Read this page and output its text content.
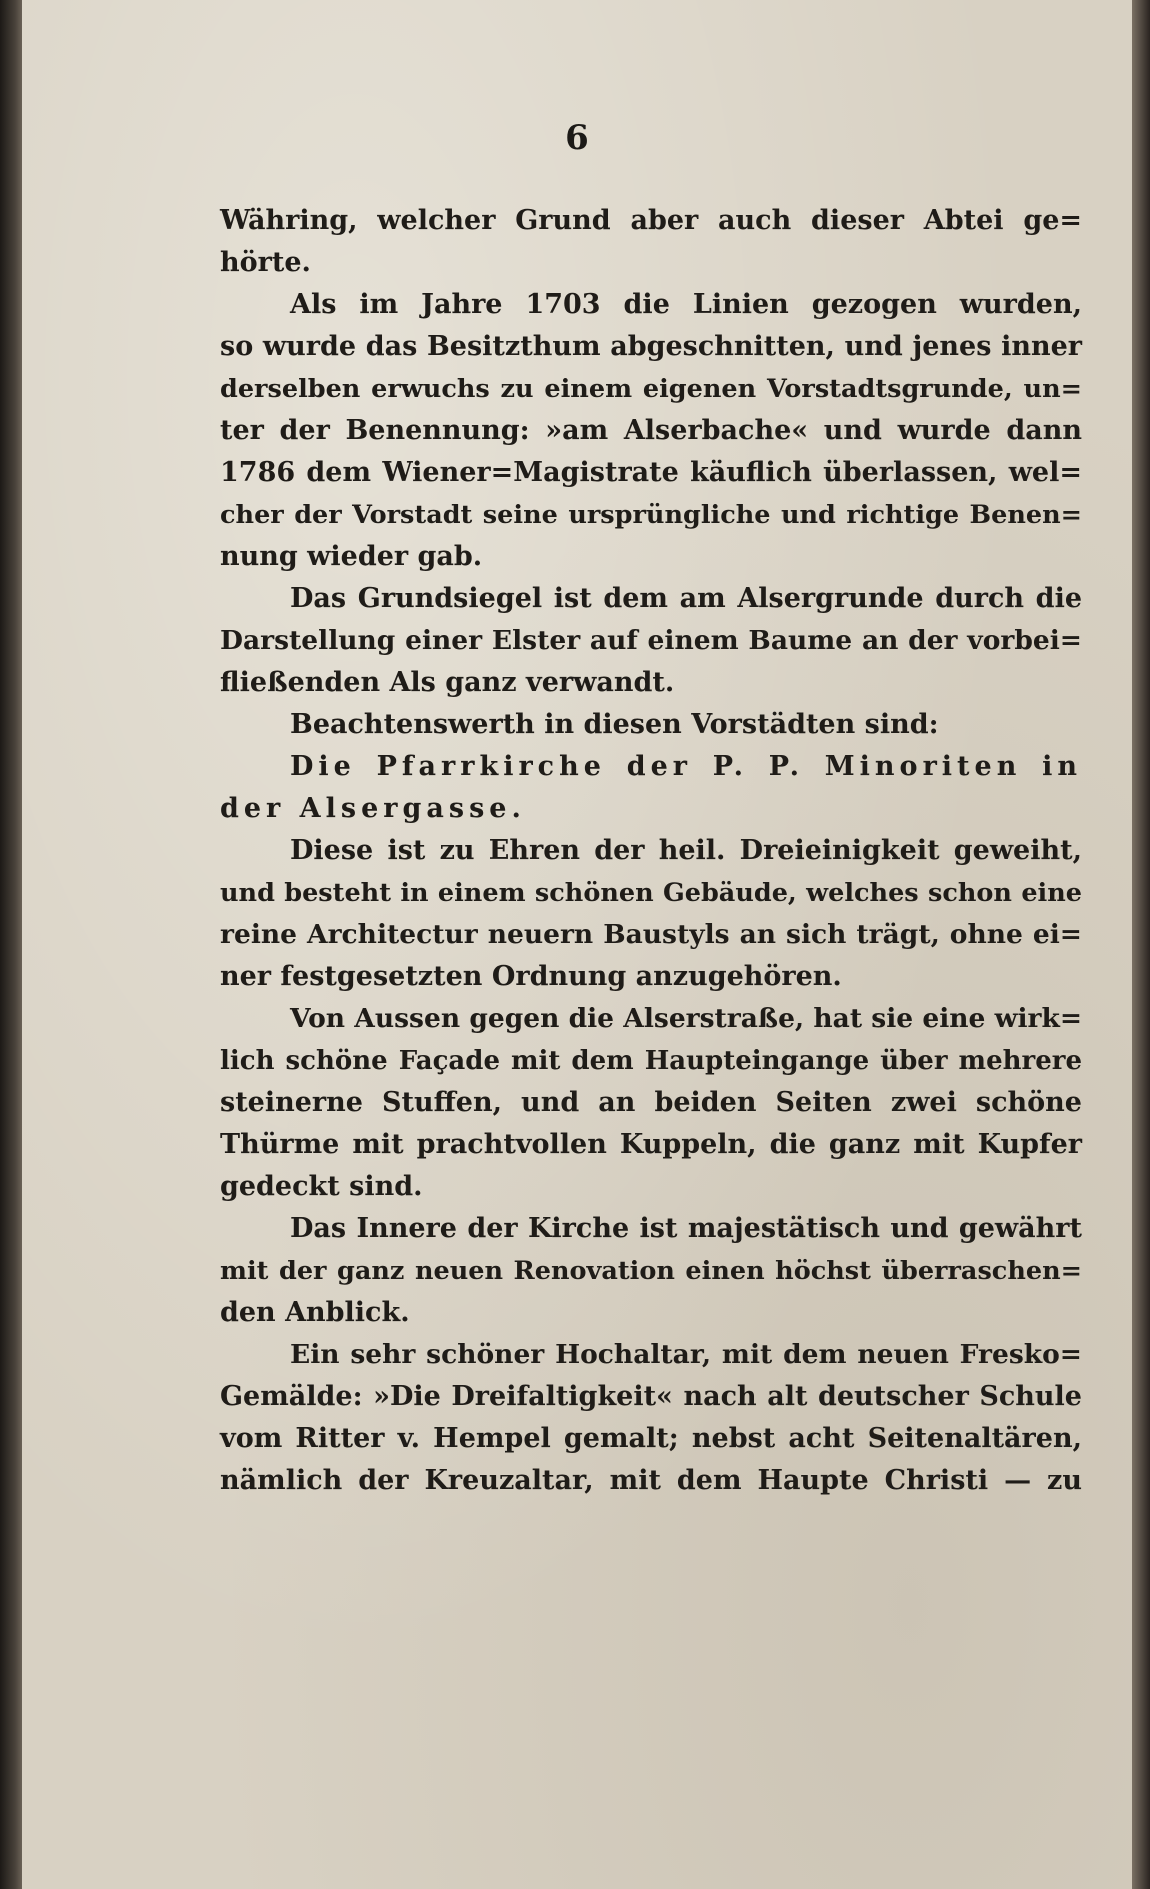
6
Währing, welcher Grund aber auch dieser Abtei ge=
hörte.
Als im Jahre 1703 die Linien gezogen wurden,
so wurde das Besitzthum abgeschnitten, und jenes inner
derselben erwuchs zu einem eigenen Vorstadtsgrunde, un=
ter der Benennung: »am Alserbache« und wurde dann
1786 dem Wiener=Magistrate käuflich überlassen, wel=
cher der Vorstadt seine ursprüngliche und richtige Benen=
nung wieder gab.
Das Grundsiegel ist dem am Alsergrunde durch die
Darstellung einer Elster auf einem Baume an der vorbei=
fließenden Als ganz verwandt.
Beachtenswerth in diesen Vorstädten sind:
Die Pfarrkirche der P. P. Minoriten in
der Alsergasse.
Diese ist zu Ehren der heil. Dreieinigkeit geweiht,
und besteht in einem schönen Gebäude, welches schon eine
reine Architectur neuern Baustyls an sich trägt, ohne ei=
ner festgesetzten Ordnung anzugehören.
Von Aussen gegen die Alserstraße, hat sie eine wirk=
lich schöne Façade mit dem Haupteingange über mehrere
steinerne Stuffen, und an beiden Seiten zwei schöne
Thürme mit prachtvollen Kuppeln, die ganz mit Kupfer
gedeckt sind.
Das Innere der Kirche ist majestätisch und gewährt
mit der ganz neuen Renovation einen höchst überraschen=
den Anblick.
Ein sehr schöner Hochaltar, mit dem neuen Fresko=
Gemälde: »Die Dreifaltigkeit« nach alt deutscher Schule
vom Ritter v. Hempel gemalt; nebst acht Seitenaltären,
nämlich der Kreuzaltar, mit dem Haupte Christi — zu
